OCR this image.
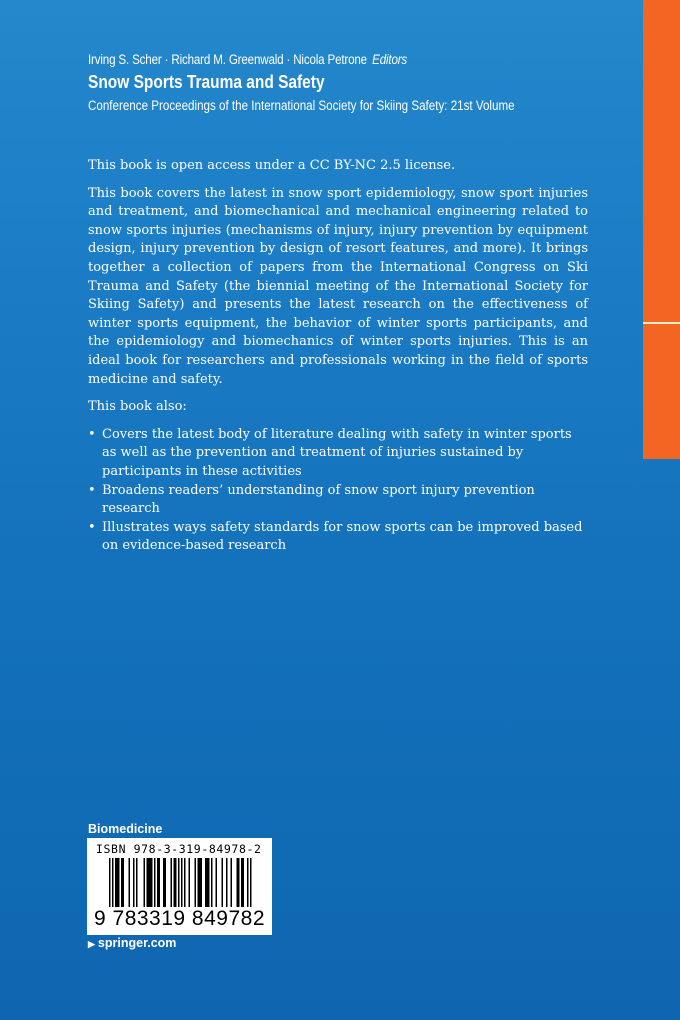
Irving S. Scher · Richard M. Greenwald · Nicola Petrone Editors
Snow Sports Trauma and Safety
Conference Proceedings of the International Society for Skiing Safety: 21st Volume

This book is open access under a CC BY-NC 2.5 license.

This book covers the latest in snow sport epidemiology, snow sport injuries and treatment, and biomechanical and mechanical engineering related to snow sports injuries (mechanisms of injury, injury prevention by equipment design, injury prevention by design of resort features, and more). It brings together a collection of papers from the International Congress on Ski Trauma and Safety (the biennial meeting of the International Society for Skiing Safety) and presents the latest research on the effectiveness of winter sports equipment, the behavior of winter sports participants, and the epidemiology and biomechanics of winter sports injuries. This is an ideal book for researchers and professionals working in the field of sports medicine and safety.

This book also:

• Covers the latest body of literature dealing with safety in winter sports as well as the prevention and treatment of injuries sustained by participants in these activities
• Broadens readers’ understanding of snow sport injury prevention research
• Illustrates ways safety standards for snow sports can be improved based on evidence-based research
Biomedicine
ISBN 978-3-319-84978-2
9 783319 849782
▶ springer.com
